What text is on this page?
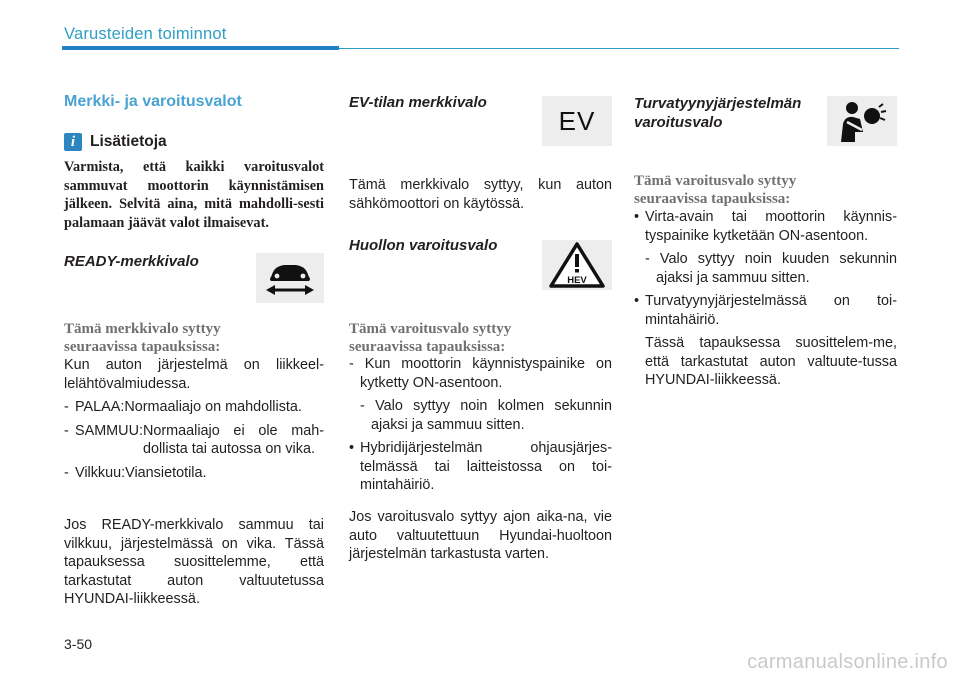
Varusteiden toiminnot
Merkki- ja varoitusvalot
i Lisätietoja
Varmista, että kaikki varoitusvalot sammuvat moottorin käynnistämisen jälkeen. Selvitä aina, mitä mahdolli-sesti palamaan jäävät valot ilmaisevat.
READY-merkkivalo
Tämä merkkivalo syttyy
seuraavissa tapauksissa:
Kun auton järjestelmä on liikkeel-lelähtövalmiudessa.
- PALAA: Normaaliajo on mahdollista.
- SAMMUU: Normaaliajo ei ole mah-dollista tai autossa on vika.
- Vilkkuu: Viansietotila.
Jos READY-merkkivalo sammuu tai vilkkuu, järjestelmässä on vika. Tässä tapauksessa suosittelemme, että tarkastutat auton valtuutetussa HYUNDAI-liikkeessä.
EV-tilan merkkivalo
EV
Tämä merkkivalo syttyy, kun auton sähkömoottori on käytössä.
Huollon varoitusvalo
HEV
Tämä varoitusvalo syttyy
seuraavissa tapauksissa:
- Kun moottorin käynnistyspainike on kytketty ON-asentoon.
- Valo syttyy noin kolmen sekunnin ajaksi ja sammuu sitten.
• Hybridijärjestelmän ohjausjärjes-telmässä tai laitteistossa on toi-mintahäiriö.
Jos varoitusvalo syttyy ajon aika-na, vie auto valtuutettuun Hyundai-huoltoon järjestelmän tarkastusta varten.
Turvatyynyjärjestelmän
varoitusvalo
Tämä varoitusvalo syttyy
seuraavissa tapauksissa:
• Virta-avain tai moottorin käynnis-tyspainike kytketään ON-asentoon.
- Valo syttyy noin kuuden sekunnin ajaksi ja sammuu sitten.
• Turvatyynyjärjestelmässä on toi-mintahäiriö.
Tässä tapauksessa suosittelem-me, että tarkastutat auton valtuute-tussa HYUNDAI-liikkeessä.
3-50
carmanualsonline.info
